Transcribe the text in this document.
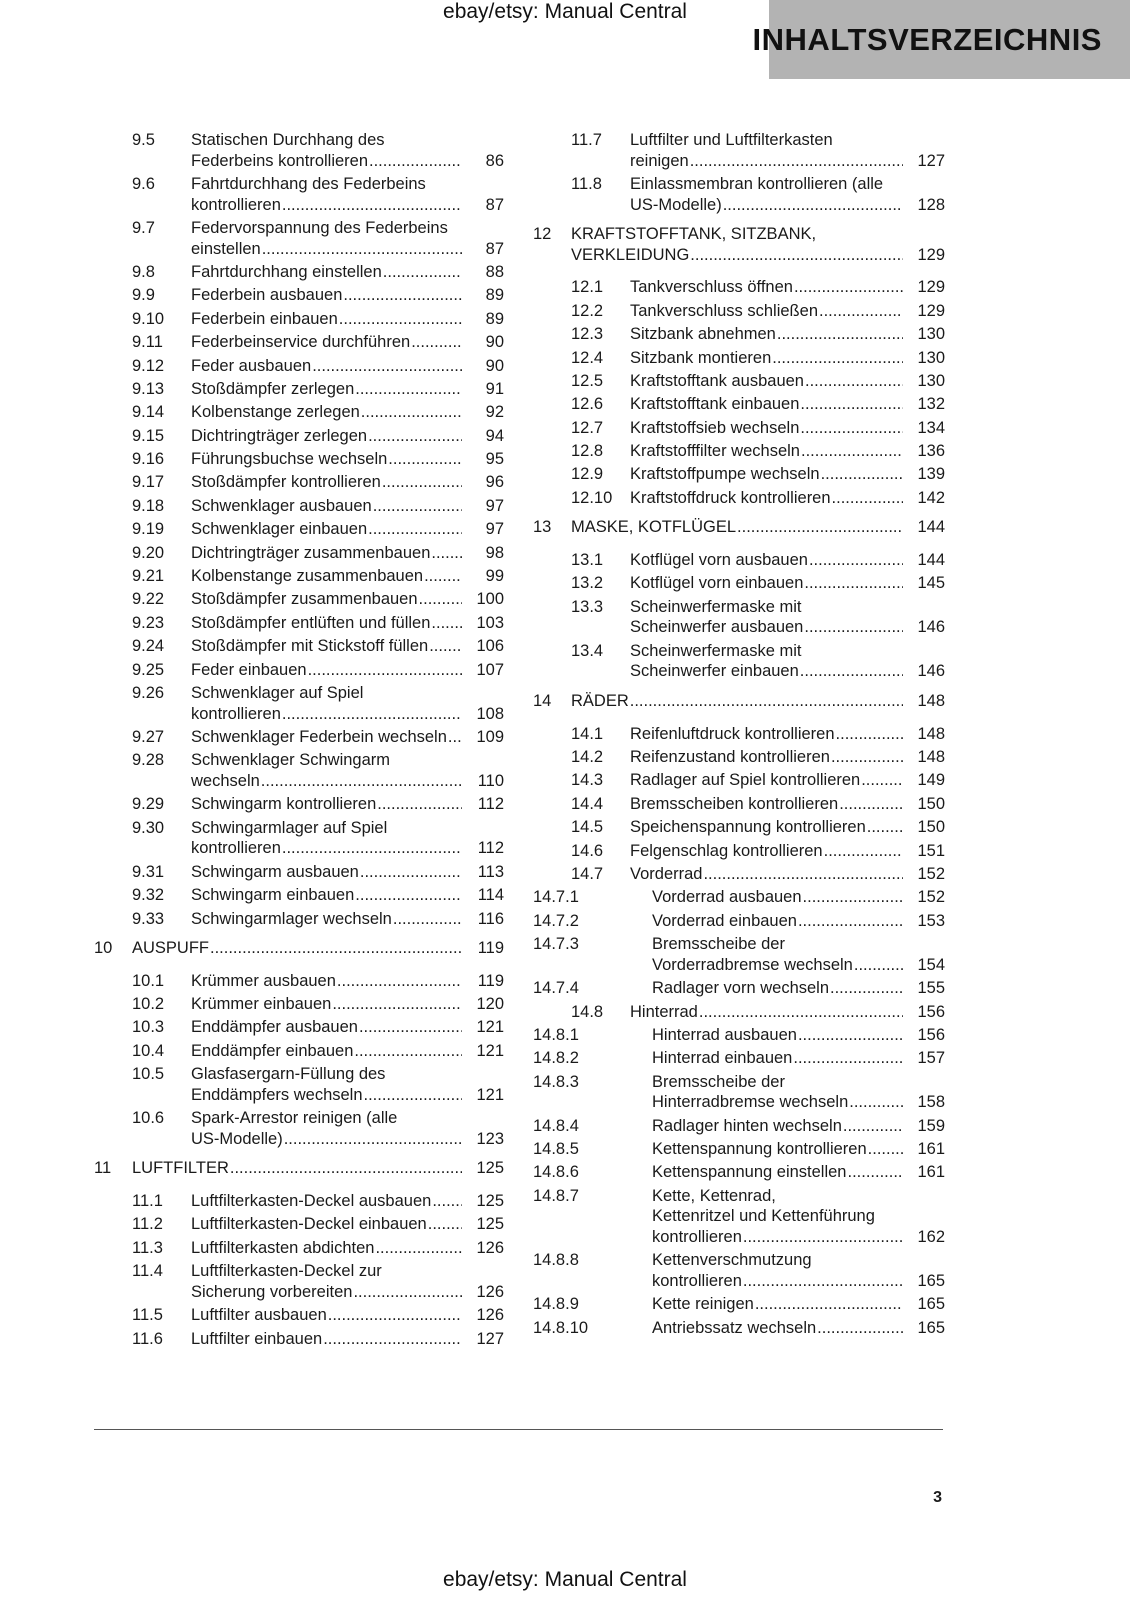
ebay/etsy: Manual Central
INHALTSVERZEICHNIS
9.5 Statischen Durchhang des
Federbeins kontrollieren .....	86
9.6 Fahrtdurchhang des Federbeins
kontrollieren .....	87
9.7 Federvorspannung des Federbeins
einstellen .....	87
9.8 Fahrtdurchhang einstellen .....	88
9.9 Federbein ausbauen .....	89
9.10 Federbein einbauen .....	89
9.11 Federbeinservice durchführen .....	90
9.12 Feder ausbauen .....	90
9.13 Stoßdämpfer zerlegen .....	91
9.14 Kolbenstange zerlegen .....	92
9.15 Dichtringträger zerlegen .....	94
9.16 Führungsbuchse wechseln .....	95
9.17 Stoßdämpfer kontrollieren .....	96
9.18 Schwenklager ausbauen .....	97
9.19 Schwenklager einbauen .....	97
9.20 Dichtringträger zusammenbauen .....	98
9.21 Kolbenstange zusammenbauen .....	99
9.22 Stoßdämpfer zusammenbauen .....	100
9.23 Stoßdämpfer entlüften und füllen .....	103
9.24 Stoßdämpfer mit Stickstoff füllen .....	106
9.25 Feder einbauen .....	107
9.26 Schwenklager auf Spiel
kontrollieren .....	108
9.27 Schwenklager Federbein wechseln .....	109
9.28 Schwenklager Schwingarm
wechseln .....	110
9.29 Schwingarm kontrollieren .....	112
9.30 Schwingarmlager auf Spiel
kontrollieren .....	112
9.31 Schwingarm ausbauen .....	113
9.32 Schwingarm einbauen .....	114
9.33 Schwingarmlager wechseln .....	116
10 AUSPUFF .....	119
10.1 Krümmer ausbauen .....	119
10.2 Krümmer einbauen .....	120
10.3 Enddämpfer ausbauen .....	121
10.4 Enddämpfer einbauen .....	121
10.5 Glasfasergarn-Füllung des
Enddämpfers wechseln .....	121
10.6 Spark-Arrestor reinigen (alle
US-Modelle) .....	123
11 LUFTFILTER .....	125
11.1 Luftfilterkasten-Deckel ausbauen .....	125
11.2 Luftfilterkasten-Deckel einbauen .....	125
11.3 Luftfilterkasten abdichten .....	126
11.4 Luftfilterkasten-Deckel zur
Sicherung vorbereiten .....	126
11.5 Luftfilter ausbauen .....	126
11.6 Luftfilter einbauen .....	127
11.7 Luftfilter und Luftfilterkasten
reinigen .....	127
11.8 Einlassmembran kontrollieren (alle
US-Modelle) .....	128
12 KRAFTSTOFFTANK, SITZBANK,
VERKLEIDUNG .....	129
12.1 Tankverschluss öffnen .....	129
12.2 Tankverschluss schließen .....	129
12.3 Sitzbank abnehmen .....	130
12.4 Sitzbank montieren .....	130
12.5 Kraftstofftank ausbauen .....	130
12.6 Kraftstofftank einbauen .....	132
12.7 Kraftstoffsieb wechseln .....	134
12.8 Kraftstofffilter wechseln .....	136
12.9 Kraftstoffpumpe wechseln .....	139
12.10 Kraftstoffdruck kontrollieren .....	142
13 MASKE, KOTFLÜGEL .....	144
13.1 Kotflügel vorn ausbauen .....	144
13.2 Kotflügel vorn einbauen .....	145
13.3 Scheinwerfermaske mit
Scheinwerfer ausbauen .....	146
13.4 Scheinwerfermaske mit
Scheinwerfer einbauen .....	146
14 RÄDER .....	148
14.1 Reifenluftdruck kontrollieren .....	148
14.2 Reifenzustand kontrollieren .....	148
14.3 Radlager auf Spiel kontrollieren .....	149
14.4 Bremsscheiben kontrollieren .....	150
14.5 Speichenspannung kontrollieren .....	150
14.6 Felgenschlag kontrollieren .....	151
14.7 Vorderrad .....	152
14.7.1	Vorderrad ausbauen .....	152
14.7.2	Vorderrad einbauen .....	153
14.7.3	Bremsscheibe der
Vorderradbremse wechseln .....	154
14.7.4	Radlager vorn wechseln .....	155
14.8 Hinterrad .....	156
14.8.1	Hinterrad ausbauen .....	156
14.8.2	Hinterrad einbauen .....	157
14.8.3	Bremsscheibe der
Hinterradbremse wechseln .....	158
14.8.4	Radlager hinten wechseln .....	159
14.8.5	Kettenspannung kontrollieren .....	161
14.8.6	Kettenspannung einstellen .....	161
14.8.7	Kette, Kettenrad,
Kettenritzel und Kettenführung
kontrollieren .....	162
14.8.8	Kettenverschmutzung
kontrollieren .....	165
14.8.9	Kette reinigen .....	165
14.8.10	Antriebssatz wechseln .....	165
3
ebay/etsy: Manual Central
